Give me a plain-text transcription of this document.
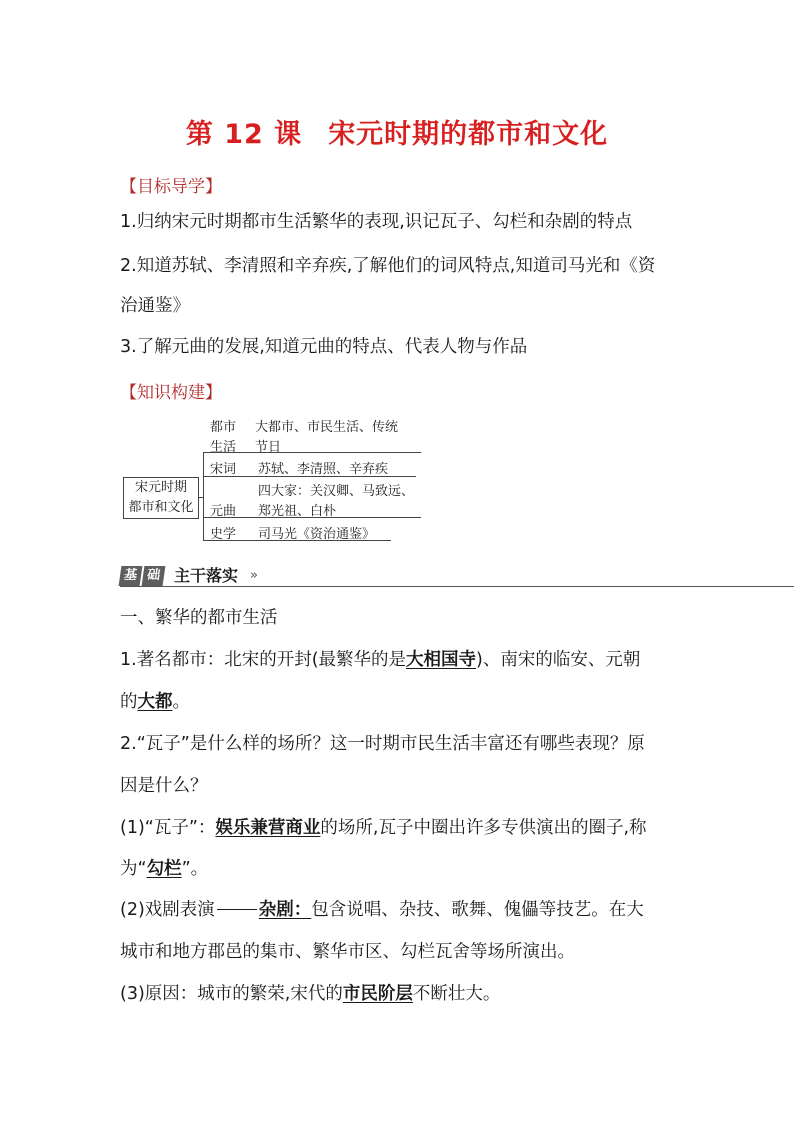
第 12 课 宋元时期的都市和文化
【目标导学】
1.归纳宋元时期都市生活繁华的表现,识记瓦子、勾栏和杂剧的特点
2.知道苏轼、李清照和辛弃疾,了解他们的词风特点,知道司马光和《资
治通鉴》
3.了解元曲的发展,知道元曲的特点、代表人物与作品
【知识构建】
宋元时期
都市和文化
都市
生活
大都市、市民生活、传统
节日
宋词 苏轼、李清照、辛弃疾
四大家：关汉卿、马致远、
元曲 郑光祖、白朴
史学 司马光《资治通鉴》
基 础 主干落实 »
一、繁华的都市生活
1.著名都市：北宋的开封(最繁华的是大相国寺)、南宋的临安、元朝
的大都。
2.“瓦子”是什么样的场所？这一时期市民生活丰富还有哪些表现？原
因是什么？
(1)“瓦子”：娱乐兼营商业的场所,瓦子中圈出许多专供演出的圈子,称
为“勾栏”。
(2)戏剧表演	杂剧：包含说唱、杂技、歌舞、傀儡等技艺。在大
城市和地方郡邑的集市、繁华市区、勾栏瓦舍等场所演出。
(3)原因：城市的繁荣,宋代的市民阶层不断壮大。
